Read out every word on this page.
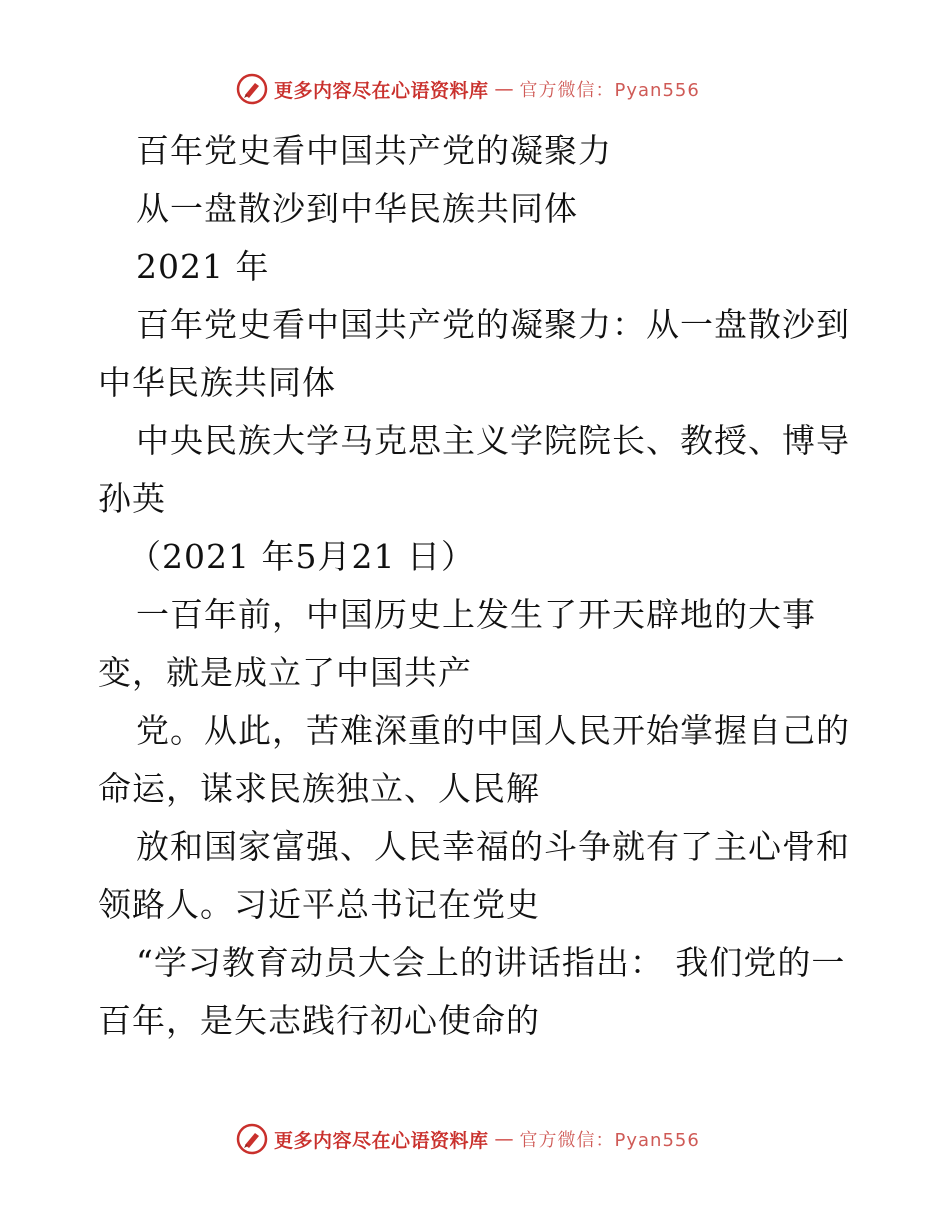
更多内容尽在心语资料库 — 官方微信：Pyan556

百年党史看中国共产党的凝聚力

从一盘散沙到中华民族共同体

2021 年

百年党史看中国共产党的凝聚力：从一盘散沙到中华民族共同体

中央民族大学马克思主义学院院长、教授、博导孙英

（2021 年5月21 日）

一百年前，中国历史上发生了开天辟地的大事变，就是成立了中国共产

党。从此，苦难深重的中国人民开始掌握自己的命运，谋求民族独立、人民解

放和国家富强、人民幸福的斗争就有了主心骨和领路人。习近平总书记在党史

“学习教育动员大会上的讲话指出： 我们党的一百年，是矢志践行初心使命的

更多内容尽在心语资料库 — 官方微信：Pyan556
